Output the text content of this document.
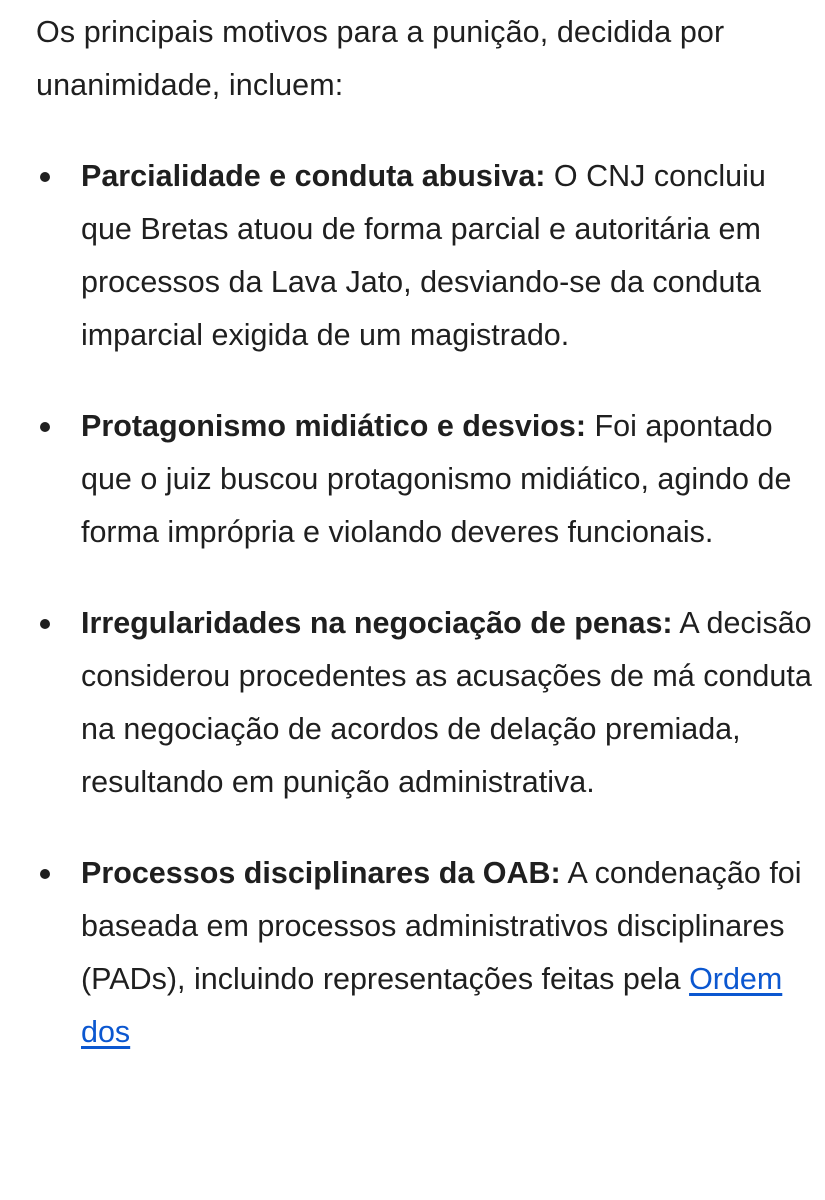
Os principais motivos para a punição, decidida por unanimidade, incluem:

Parcialidade e conduta abusiva: O CNJ concluiu que Bretas atuou de forma parcial e autoritária em processos da Lava Jato, desviando-se da conduta imparcial exigida de um magistrado.
Protagonismo midiático e desvios: Foi apontado que o juiz buscou protagonismo midiático, agindo de forma imprópria e violando deveres funcionais.
Irregularidades na negociação de penas: A decisão considerou procedentes as acusações de má conduta na negociação de acordos de delação premiada, resultando em punição administrativa.
Processos disciplinares da OAB: A condenação foi baseada em processos administrativos disciplinares (PADs), incluindo representações feitas pela Ordem dos
